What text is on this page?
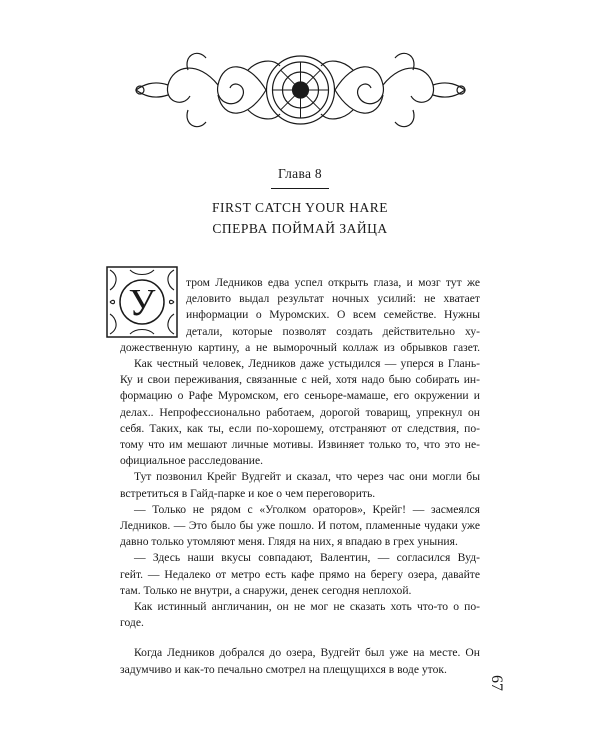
Глава 8
FIRST CATCH YOUR HARE
СПЕРВА ПОЙМАЙ ЗАЙЦА
У	тром Ледников едва успел открыть глаза, и мозг тут же
деловито выдал результат ночных усилий: не хватает
информации о Муромских. О всем семействе. Нужны
детали, которые позволят создать действительно ху-
дожественную картину, а не выморочный коллаж из обрывков газет.
Как честный человек, Ледников даже устыдился — уперся в Глань-
Ку и свои переживания, связанные с ней, хотя надо быю собирать ин-
формацию о Рафе Муромском, его сеньоре-мамаше, его окружении и
делах.. Непрофессионально работаем, дорогой товарищ, упрекнул он
себя. Таких, как ты, если по-хорошему, отстраняют от следствия, по-
тому что им мешают личные мотивы. Извиняет только то, что это не-
официальное расследование.
Тут позвонил Крейг Вудгейт и сказал, что через час они могли бы
встретиться в Гайд-парке и кое о чем переговорить.
— Только не рядом с «Уголком ораторов», Крейг! — засмеялся
Ледников. — Это было бы уже пошло. И потом, пламенные чудаки уже
давно только утомляют меня. Глядя на них, я впадаю в грех уныния.
— Здесь наши вкусы совпадают, Валентин, — согласился Вуд-
гейт. — Недалеко от метро есть кафе прямо на берегу озера, давайте
там. Только не внутри, а снаружи, денек сегодня неплохой.
Как истинный англичанин, он не мог не сказать хоть что-то о по-
годе.
Когда Ледников добрался до озера, Вудгейт был уже на месте. Он
задумчиво и как-то печально смотрел на плещущихся в воде уток.
67
